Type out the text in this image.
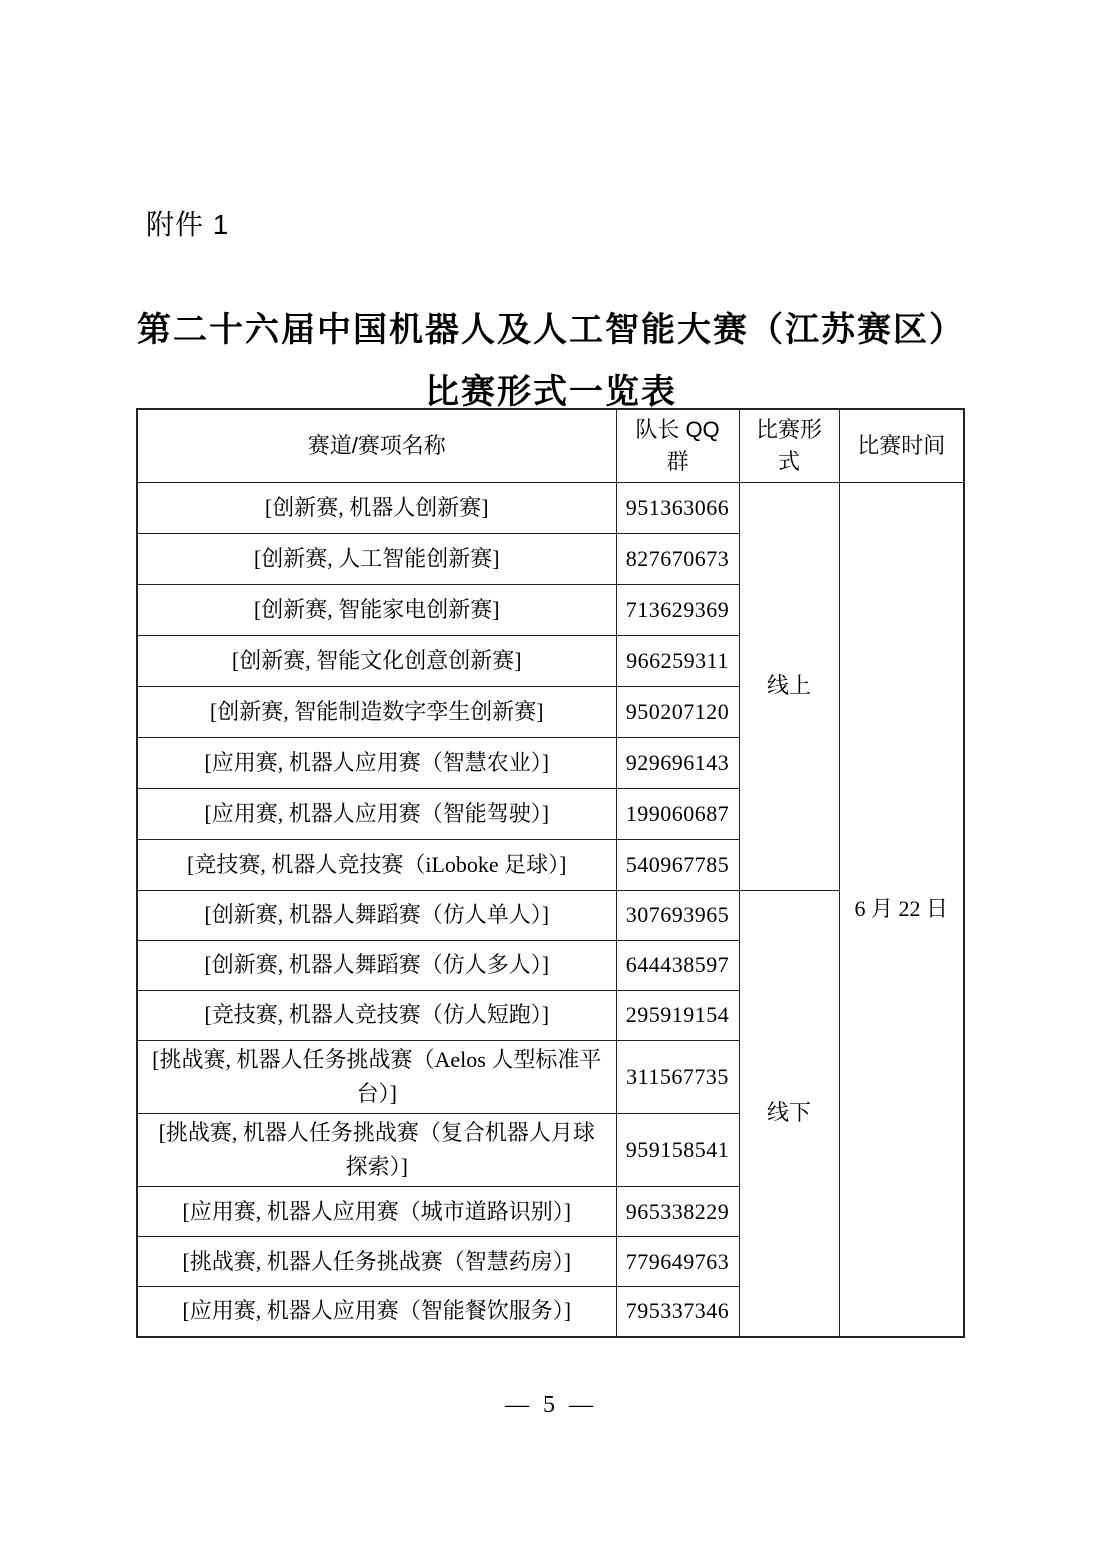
附件 1
第二十六届中国机器人及人工智能大赛（江苏赛区）
比赛形式一览表
赛道/赛项名称	队长 QQ 群	比赛形式	比赛时间
[创新赛, 机器人创新赛]	951363066	线上	6 月 22 日
[创新赛, 人工智能创新赛]	827670673		
[创新赛, 智能家电创新赛]	713629369		
[创新赛, 智能文化创意创新赛]	966259311		
[创新赛, 智能制造数字孪生创新赛]	950207120		
[应用赛, 机器人应用赛（智慧农业）]	929696143		
[应用赛, 机器人应用赛（智能驾驶）]	199060687		
[竞技赛, 机器人竞技赛（iLoboke 足球）]	540967785		
[创新赛, 机器人舞蹈赛（仿人单人）]	307693965	线下	
[创新赛, 机器人舞蹈赛（仿人多人）]	644438597		
[竞技赛, 机器人竞技赛（仿人短跑）]	295919154		
[挑战赛, 机器人任务挑战赛（Aelos 人型标准平台）]	311567735		
[挑战赛, 机器人任务挑战赛（复合机器人月球探索）]	959158541		
[应用赛, 机器人应用赛（城市道路识别）]	965338229		
[挑战赛, 机器人任务挑战赛（智慧药房）]	779649763		
[应用赛, 机器人应用赛（智能餐饮服务）]	795337346		
— 5 —
